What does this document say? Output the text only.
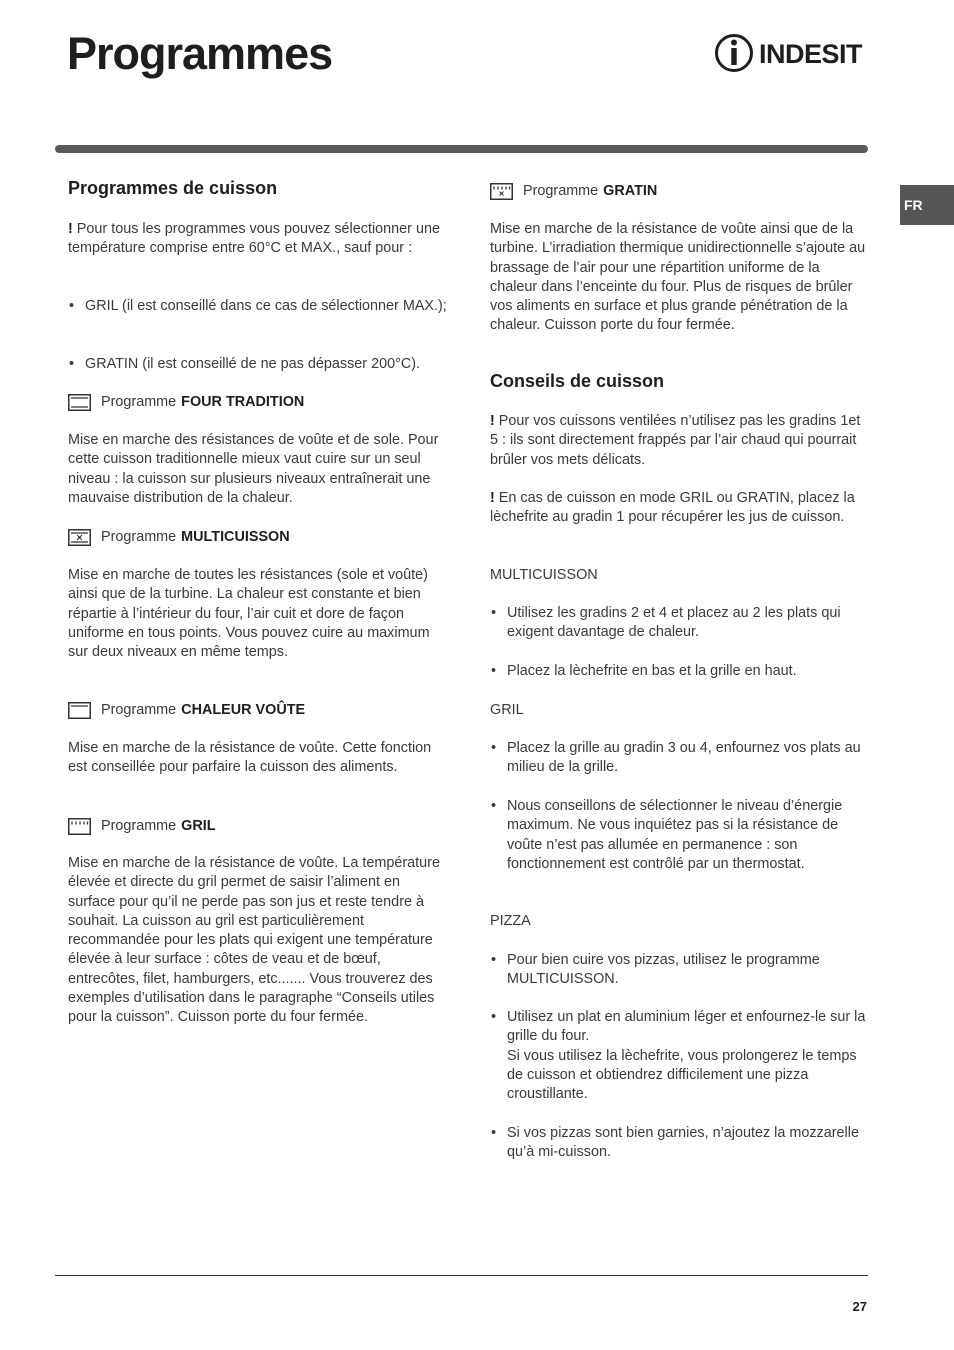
Programmes	INDESIT
FR
Programmes de cuisson

! Pour tous les programmes vous pouvez sélectionner une température comprise entre 60°C et MAX., sauf pour :

• GRIL (il est conseillé dans ce cas de sélectionner MAX.);
• GRATIN (il est conseillé de ne pas dépasser 200°C).
Programme FOUR TRADITION

Mise en marche des résistances de voûte et de sole. Pour cette cuisson traditionnelle mieux vaut cuire sur un seul niveau : la cuisson sur plusieurs niveaux entraînerait une mauvaise distribution de la chaleur.

Programme MULTICUISSON

Mise en marche de toutes les résistances (sole et voûte) ainsi que de la turbine. La chaleur est constante et bien répartie à l’intérieur du four, l’air cuit et dore de façon uniforme en tous points. Vous pouvez cuire au maximum sur deux niveaux en même temps.

Programme CHALEUR VOÛTE

Mise en marche de la résistance de voûte. Cette fonction est conseillée pour parfaire la cuisson des aliments.

Programme GRIL

Mise en marche de la résistance de voûte. La température élevée et directe du gril permet de saisir l’aliment en surface pour qu’il ne perde pas son jus et reste tendre à souhait. La cuisson au gril est particulièrement recommandée pour les plats qui exigent une température élevée à leur surface : côtes de veau et de bœuf, entrecôtes, filet, hamburgers, etc....... Vous trouverez des exemples d’utilisation dans le paragraphe “Conseils utiles pour la cuisson”. Cuisson porte du four fermée.

Programme GRATIN

Mise en marche de la résistance de voûte ainsi que de la turbine. L’irradiation thermique unidirectionnelle s’ajoute au brassage de l’air pour une répartition uniforme de la chaleur dans l’enceinte du four. Plus de risques de brûler vos aliments en surface et plus grande pénétration de la chaleur. Cuisson porte du four fermée.

Conseils de cuisson

! Pour vos cuissons ventilées n’utilisez pas les gradins 1et 5 : ils sont directement frappés par l’air chaud qui pourrait brûler vos mets délicats.

! En cas de cuisson en mode GRIL ou GRATIN, placez la lèchefrite au gradin 1 pour récupérer les jus de cuisson.

MULTICUISSON

• Utilisez les gradins 2 et 4 et placez au 2 les plats qui exigent davantage de chaleur.
• Placez la lèchefrite en bas et la grille en haut.

GRIL

• Placez la grille au gradin 3 ou 4, enfournez vos plats au milieu de la grille.
• Nous conseillons de sélectionner le niveau d’énergie maximum. Ne vous inquiétez pas si la résistance de voûte n’est pas allumée en permanence : son fonctionnement est contrôlé par un thermostat.

PIZZA

• Pour bien cuire vos pizzas, utilisez le programme MULTICUISSON.
• Utilisez un plat en aluminium léger et enfournez-le sur la grille du four.
Si vous utilisez la lèchefrite, vous prolongerez le temps de cuisson et obtiendrez difficilement une pizza croustillante.
• Si vos pizzas sont bien garnies, n’ajoutez la mozzarelle qu’à mi-cuisson.
27
